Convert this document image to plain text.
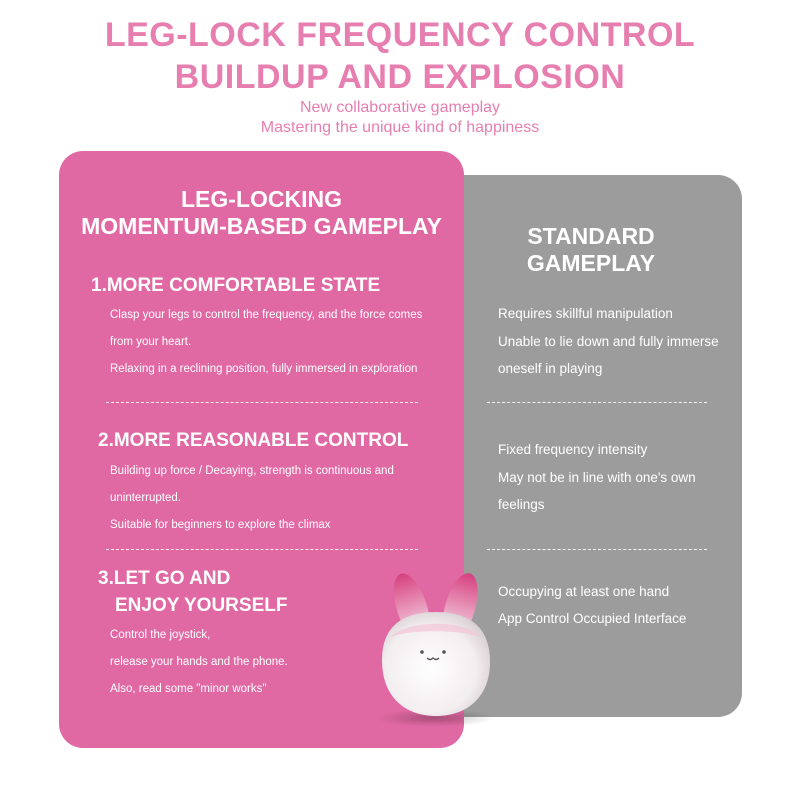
LEG-LOCK FREQUENCY CONTROL
BUILDUP AND EXPLOSION
New collaborative gameplay
Mastering the unique kind of happiness
LEG-LOCKING
MOMENTUM-BASED GAMEPLAY
1.MORE COMFORTABLE STATE
Clasp your legs to control the frequency, and the force comes
from your heart.
Relaxing in a reclining position, fully immersed in exploration
2.MORE REASONABLE CONTROL
Building up force / Decaying, strength is continuous and
uninterrupted.
Suitable for beginners to explore the climax
3.LET GO AND
ENJOY YOURSELF
Control the joystick,
release your hands and the phone.
Also, read some "minor works"
STANDARD
GAMEPLAY
Requires skillful manipulation
Unable to lie down and fully immerse
oneself in playing
Fixed frequency intensity
May not be in line with one's own
feelings
Occupying at least one hand
App Control Occupied Interface
